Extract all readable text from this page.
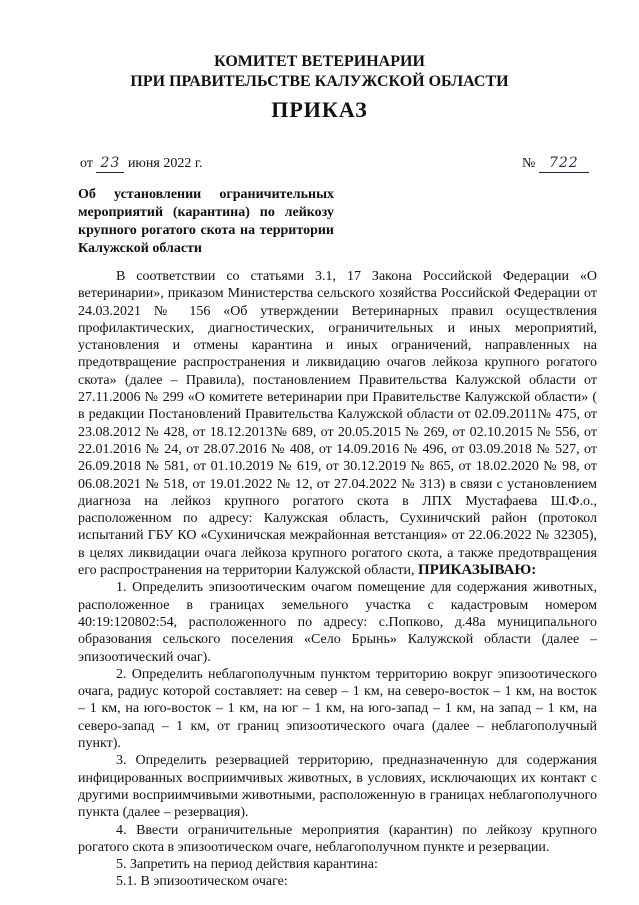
КОМИТЕТ ВЕТЕРИНАРИИ
ПРИ ПРАВИТЕЛЬСТВЕ КАЛУЖСКОЙ ОБЛАСТИ
ПРИКАЗ
от 23 июня 2022 г.	№ 722
Об установлении ограничительных
мероприятий (карантина) по лейкозу
крупного рогатого скота на территории
Калужской области
В соответствии со статьями 3.1, 17 Закона Российской Федерации «О
ветеринарии», приказом Министерства сельского хозяйства Российской Федерации от
24.03.2021 № 156 «Об утверждении Ветеринарных правил осуществления
профилактических, диагностических, ограничительных и иных мероприятий,
установления и отмены карантина и иных ограничений, направленных на
предотвращение распространения и ликвидацию очагов лейкоза крупного рогатого
скота» (далее – Правила), постановлением Правительства Калужской области от
27.11.2006 № 299 «О комитете ветеринарии при Правительстве Калужской области» (
в редакции Постановлений Правительства Калужской области от 02.09.2011№ 475, от
23.08.2012 № 428, от 18.12.2013№ 689, от 20.05.2015 № 269, от 02.10.2015 № 556, от
22.01.2016 № 24, от 28.07.2016 № 408, от 14.09.2016 № 496, от 03.09.2018 № 527, от
26.09.2018 № 581, от 01.10.2019 № 619, от 30.12.2019 № 865, от 18.02.2020 № 98, от
06.08.2021 № 518, от 19.01.2022 № 12, от 27.04.2022 № 313) в связи с установлением
диагноза на лейкоз крупного рогатого скота в ЛПХ Мустафаева Ш.Ф.о.,
расположенном по адресу: Калужская область, Сухиничский район (протокол
испытаний ГБУ КО «Сухиничская межрайонная ветстанция» от 22.06.2022 № 32305),
в целях ликвидации очага лейкоза крупного рогатого скота, а также предотвращения
его распространения на территории Калужской области, ПРИКАЗЫВАЮ:
1. Определить эпизоотическим очагом помещение для содержания животных,
расположенное в границах земельного участка с кадастровым номером
40:19:120802:54, расположенного по адресу: с.Попково, д.48а муниципального
образования сельского поселения «Село Брынь» Калужской области (далее –
эпизоотический очаг).
2. Определить неблагополучным пунктом территорию вокруг эпизоотического
очага, радиус которой составляет: на север – 1 км, на северо-восток – 1 км, на восток
– 1 км, на юго-восток – 1 км, на юг – 1 км, на юго-запад – 1 км, на запад – 1 км, на
северо-запад – 1 км, от границ эпизоотического очага (далее – неблагополучный
пункт).
3. Определить резервацией территорию, предназначенную для содержания
инфицированных восприимчивых животных, в условиях, исключающих их контакт с
другими восприимчивыми животными, расположенную в границах неблагополучного
пункта (далее – резервация).
4. Ввести ограничительные мероприятия (карантин) по лейкозу крупного
рогатого скота в эпизоотическом очаге, неблагополучном пункте и резервации.
5. Запретить на период действия карантина:
5.1. В эпизоотическом очаге:
